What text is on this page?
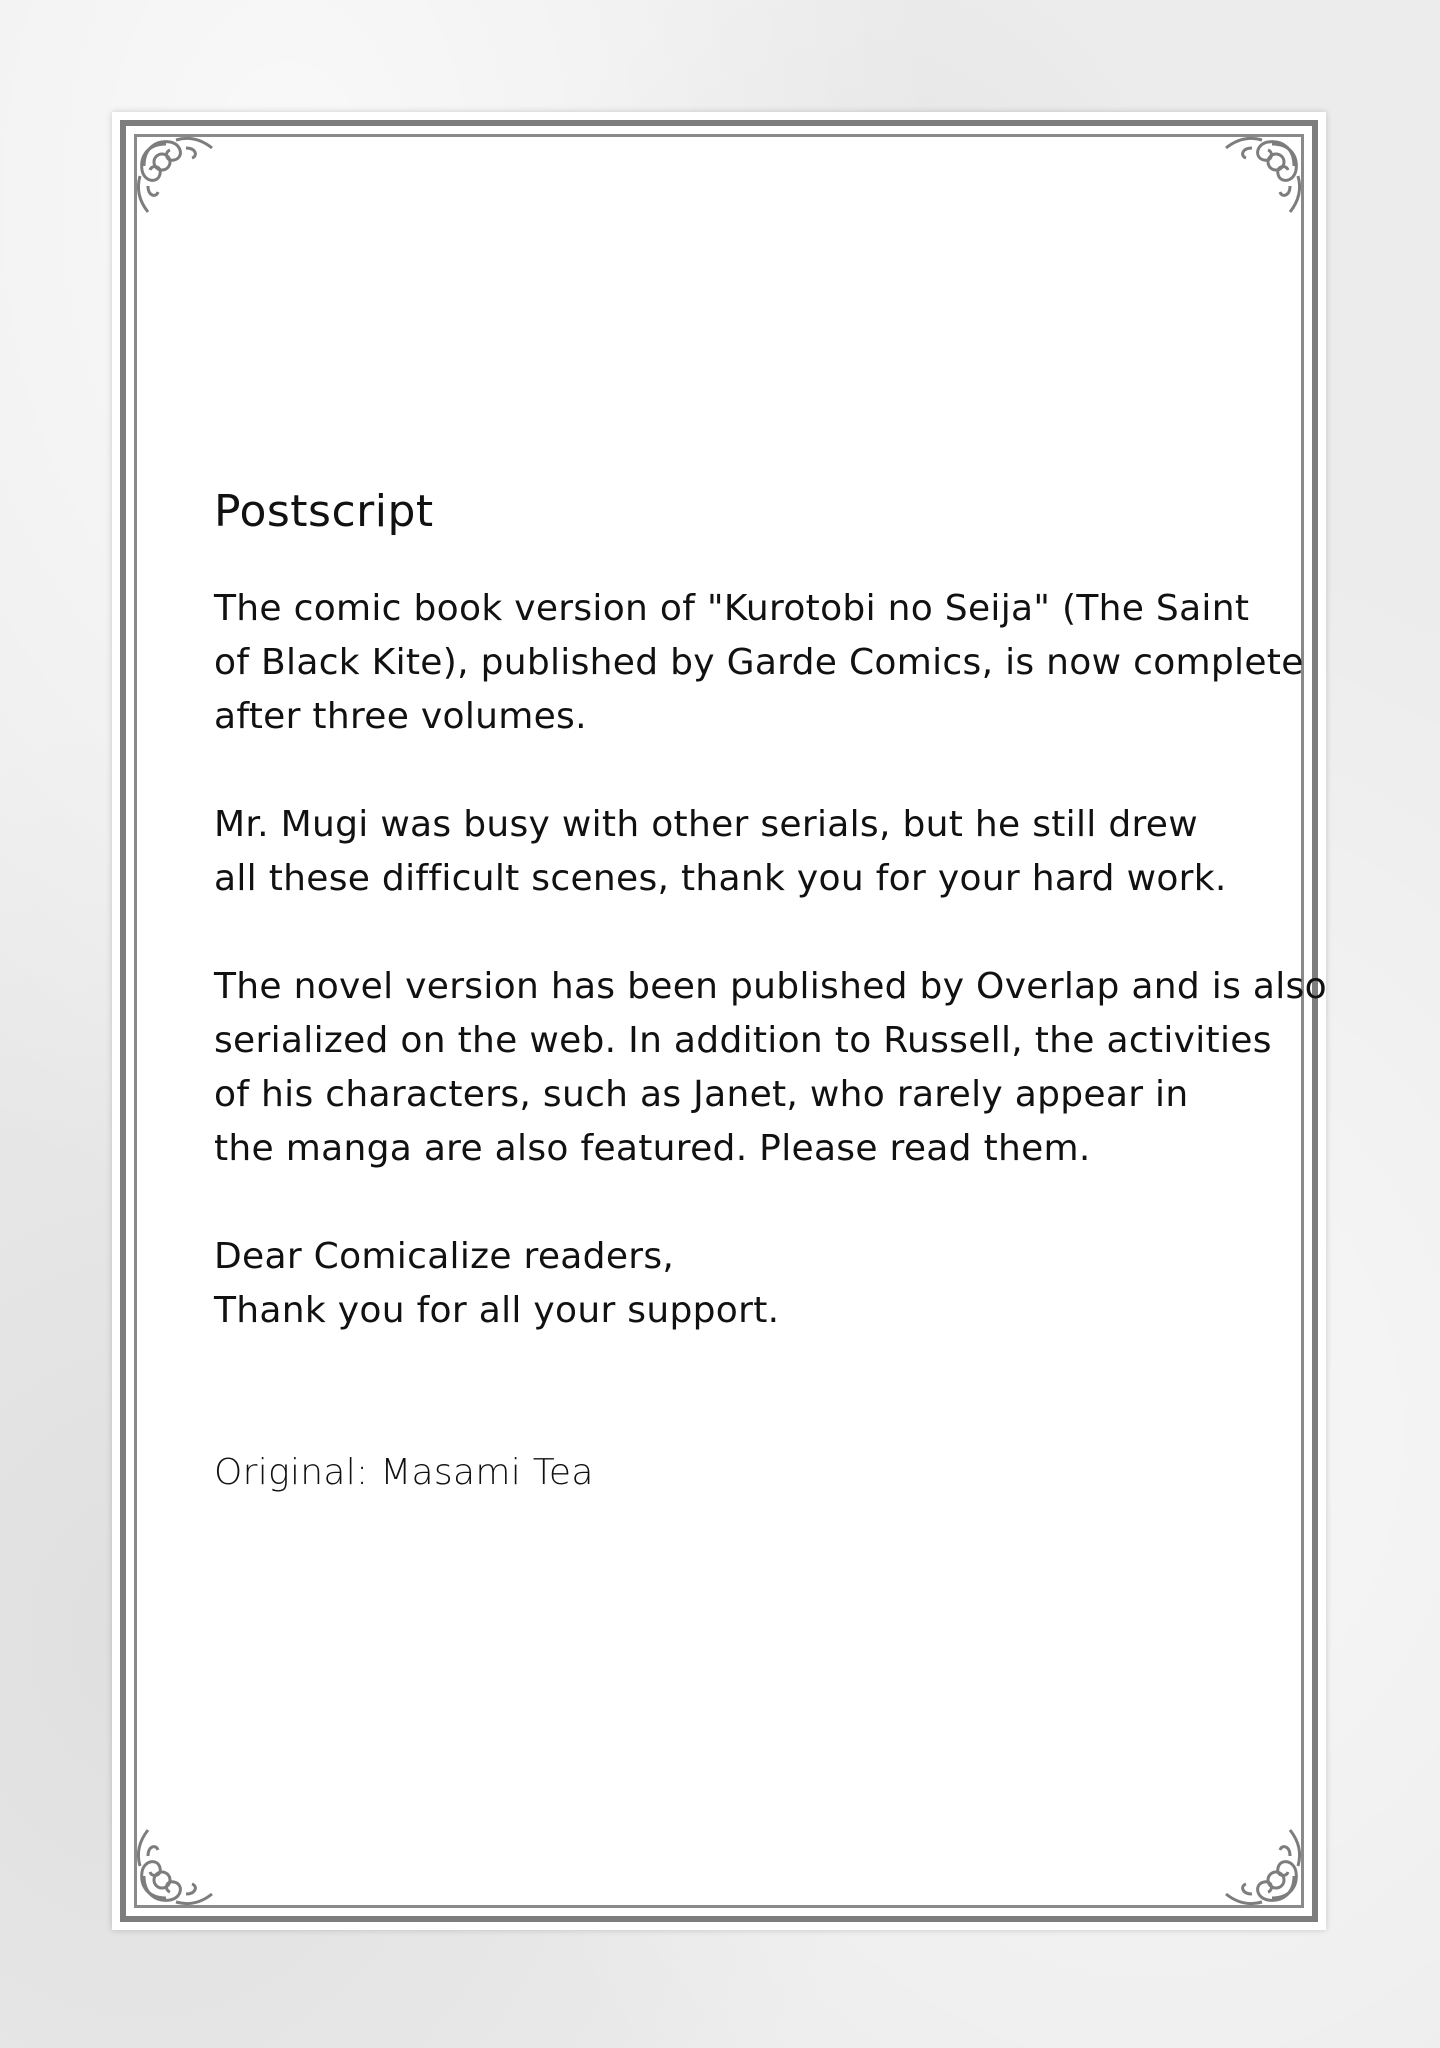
Postscript
The comic book version of "Kurotobi no Seija" (The Saint
of Black Kite), published by Garde Comics, is now complete
after three volumes.
Mr. Mugi was busy with other serials, but he still drew
all these difficult scenes, thank you for your hard work.
The novel version has been published by Overlap and is also
serialized on the web. In addition to Russell, the activities
of his characters, such as Janet, who rarely appear in
the manga are also featured. Please read them.
Dear Comicalize readers,
Thank you for all your support.
Original: Masami Tea
